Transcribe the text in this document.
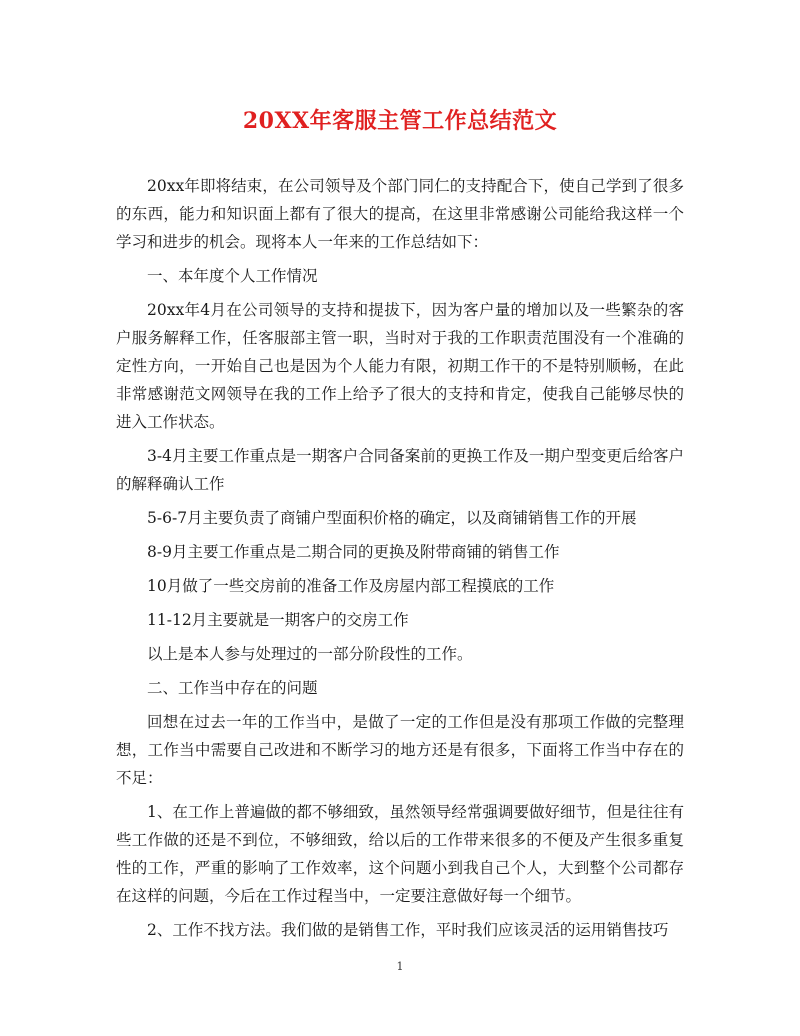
20XX年客服主管工作总结范文

20xx年即将结束，在公司领导及个部门同仁的支持配合下，使自己学到了很多的东西，能力和知识面上都有了很大的提高，在这里非常感谢公司能给我这样一个学习和进步的机会。现将本人一年来的工作总结如下：

一、本年度个人工作情况

20xx年4月在公司领导的支持和提拔下，因为客户量的增加以及一些繁杂的客户服务解释工作，任客服部主管一职，当时对于我的工作职责范围没有一个准确的定性方向，一开始自己也是因为个人能力有限，初期工作干的不是特别顺畅，在此非常感谢范文网领导在我的工作上给予了很大的支持和肯定，使我自己能够尽快的进入工作状态。

3-4月主要工作重点是一期客户合同备案前的更换工作及一期户型变更后给客户的解释确认工作

5-6-7月主要负责了商铺户型面积价格的确定，以及商铺销售工作的开展

8-9月主要工作重点是二期合同的更换及附带商铺的销售工作

10月做了一些交房前的准备工作及房屋内部工程摸底的工作

11-12月主要就是一期客户的交房工作

以上是本人参与处理过的一部分阶段性的工作。

二、工作当中存在的问题

回想在过去一年的工作当中，是做了一定的工作但是没有那项工作做的完整理想，工作当中需要自己改进和不断学习的地方还是有很多，下面将工作当中存在的不足：

1、在工作上普遍做的都不够细致，虽然领导经常强调要做好细节，但是往往有些工作做的还是不到位，不够细致，给以后的工作带来很多的不便及产生很多重复性的工作，严重的影响了工作效率，这个问题小到我自己个人，大到整个公司都存在这样的问题，今后在工作过程当中，一定要注意做好每一个细节。

2、工作不找方法。我们做的是销售工作，平时我们应该灵活的运用销售技巧

1
